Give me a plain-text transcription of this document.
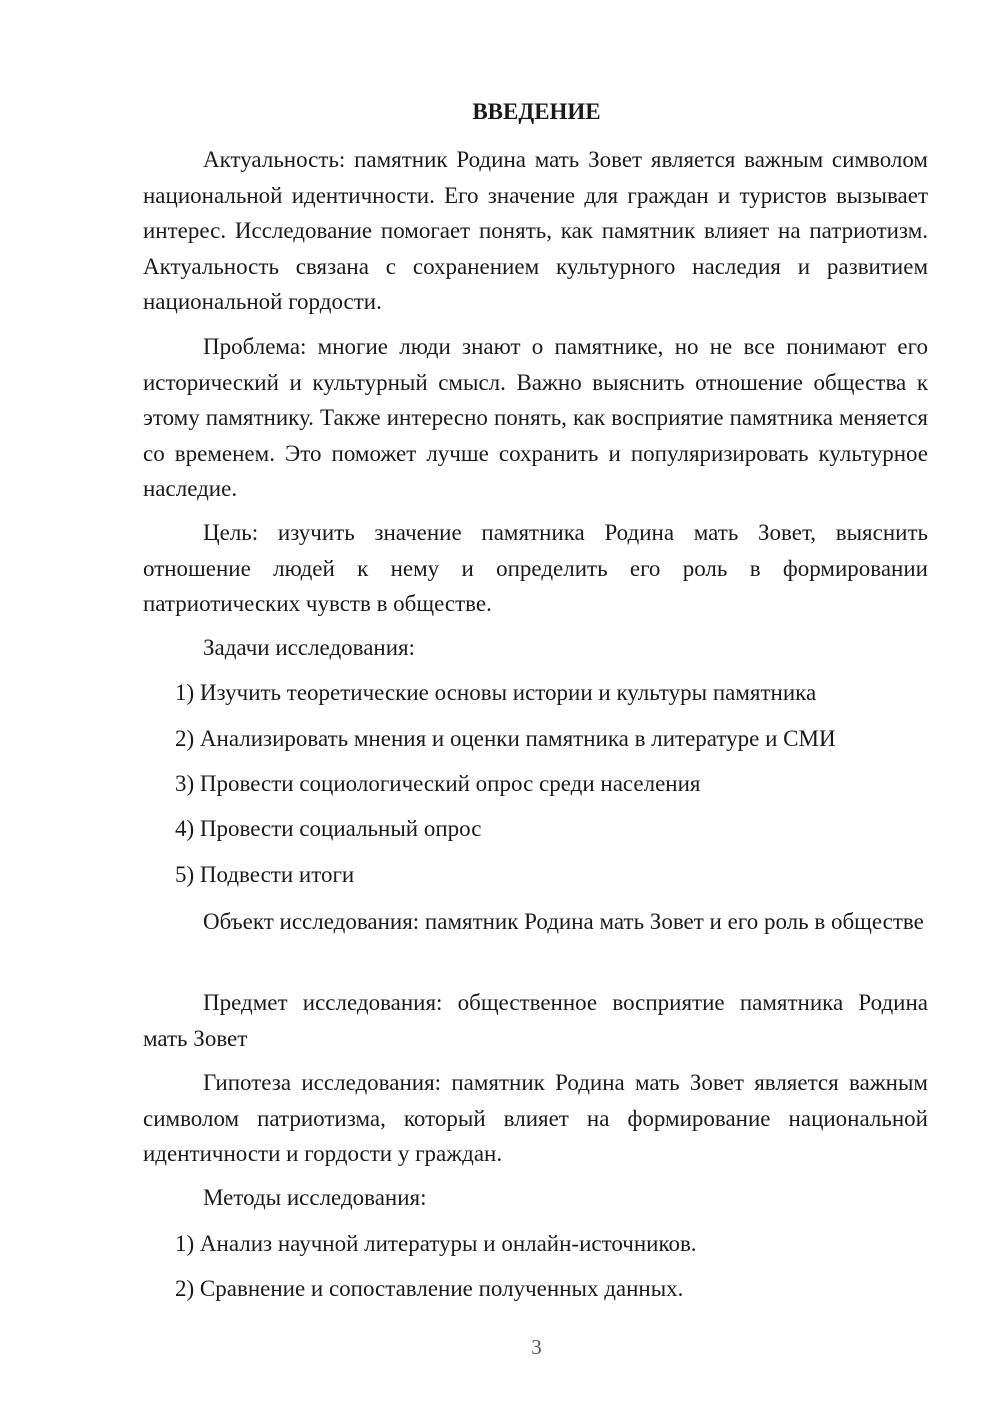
ВВЕДЕНИЕ

Актуальность: памятник Родина мать Зовет является важным символом национальной идентичности. Его значение для граждан и туристов вызывает интерес. Исследование помогает понять, как памятник влияет на патриотизм. Актуальность связана с сохранением культурного наследия и развитием национальной гордости.

Проблема: многие люди знают о памятнике, но не все понимают его исторический и культурный смысл. Важно выяснить отношение общества к этому памятнику. Также интересно понять, как восприятие памятника меняется со временем. Это поможет лучше сохранить и популяризировать культурное наследие.

Цель: изучить значение памятника Родина мать Зовет, выяснить отношение людей к нему и определить его роль в формировании патриотических чувств в обществе.

Задачи исследования:

1) Изучить теоретические основы истории и культуры памятника

2) Анализировать мнения и оценки памятника в литературе и СМИ

3) Провести социологический опрос среди населения

4) Провести социальный опрос

5) Подвести итоги

Объект исследования: памятник Родина мать Зовет и его роль в обществе

Предмет исследования: общественное восприятие памятника Родина мать Зовет

Гипотеза исследования: памятник Родина мать Зовет является важным символом патриотизма, который влияет на формирование национальной идентичности и гордости у граждан.

Методы исследования:

1) Анализ научной литературы и онлайн-источников.

2) Сравнение и сопоставление полученных данных.

3
